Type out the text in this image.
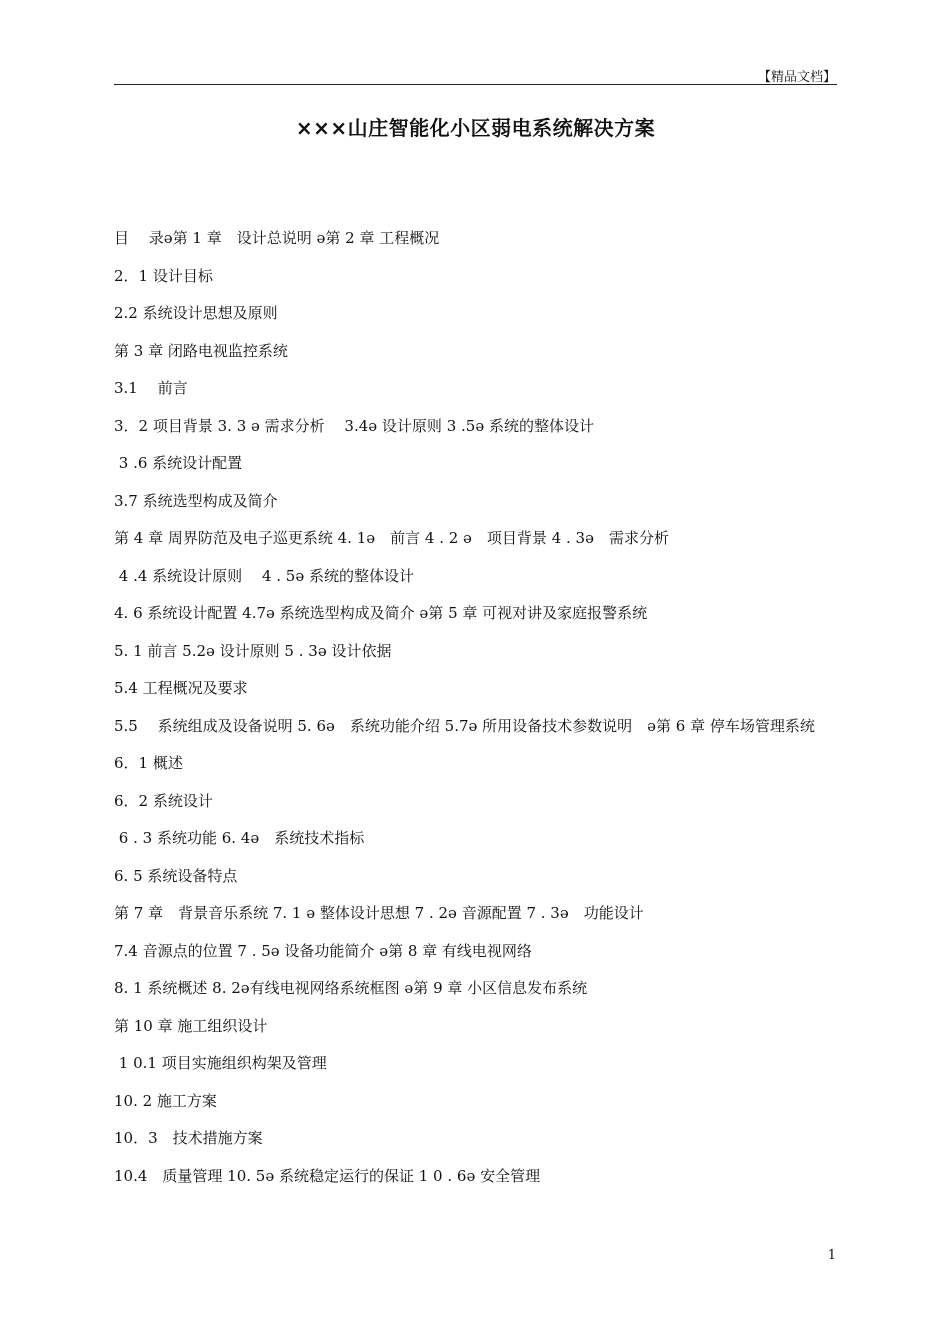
【精品文档】
×××山庄智能化小区弱电系统解决方案
目　 录ə第 1 章　设计总说明 ə第 2 章 工程概况
2．1 设计目标
2.2 系统设计思想及原则
第 3 章 闭路电视监控系统
3.1　 前言
3．2 项目背景 3. 3 ə 需求分析　 3.4ə 设计原则 3 .5ə 系统的整体设计
3 .6 系统设计配置
3.7 系统选型构成及简介
第 4 章 周界防范及电子巡更系统 4. 1ə　前言 4 . 2 ə　项目背景 4 . 3ə　需求分析
4 .4 系统设计原则　 4 . 5ə 系统的整体设计
4. 6 系统设计配置 4.7ə 系统选型构成及简介 ə第 5 章 可视对讲及家庭报警系统
5. 1 前言 5.2ə 设计原则 5 . 3ə 设计依据
5.4 工程概况及要求
5.5　 系统组成及设备说明 5. 6ə　系统功能介绍 5.7ə 所用设备技术参数说明　ə第 6 章 停车场管理系统
6．1 概述
6．2 系统设计
6 . 3 系统功能 6. 4ə　系统技术指标
6. 5 系统设备特点
第 7 章　背景音乐系统 7. 1 ə 整体设计思想 7 . 2ə 音源配置 7 . 3ə　功能设计
7.4 音源点的位置 7 . 5ə 设备功能简介 ə第 8 章 有线电视网络
8. 1 系统概述 8. 2ə有线电视网络系统框图 ə第 9 章 小区信息发布系统
第 10 章 施工组织设计
1 0.1 项目实施组织构架及管理
10. 2 施工方案
10．3　技术措施方案
10.4　质量管理 10. 5ə 系统稳定运行的保证 1 0 . 6ə 安全管理
1
